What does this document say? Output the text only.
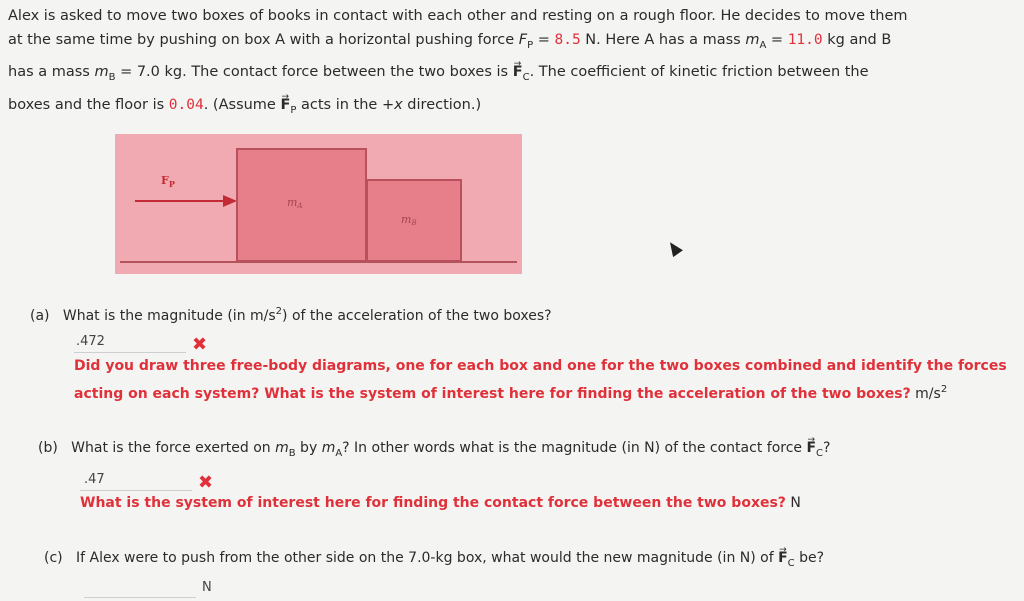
Alex is asked to move two boxes of books in contact with each other and resting on a rough floor. He decides to move them
at the same time by pushing on box A with a horizontal pushing force $F_P = 8.5$ N. Here A has a mass $m_A = 11.0$ kg and B
has a mass $m_B = 7.0$ kg. The contact force between the two boxes is → $F_C$. The coefficient of kinetic friction between the
boxes and the floor is 0.04. (Assume → $F_P$ acts in the +x direction.)
$F_P$
mA
mB
(a) What is the magnitude (in $m/s^2$) of the acceleration of the two boxes?
.472	✖
Did you draw three free-body diagrams, one for each box and one for the two boxes combined and identify the forces
acting on each system? What is the system of interest here for finding the acceleration of the two boxes? $m/s^2$
(b) What is the force exerted on $m_B$ by $m_A$? In other words what is the magnitude (in N) of the contact force → $F_C$?
.47	✖
What is the system of interest here for finding the contact force between the two boxes? N
(c) If Alex were to push from the other side on the 7.0-kg box, what would the new magnitude (in N) of → $F_C$ be?
N
